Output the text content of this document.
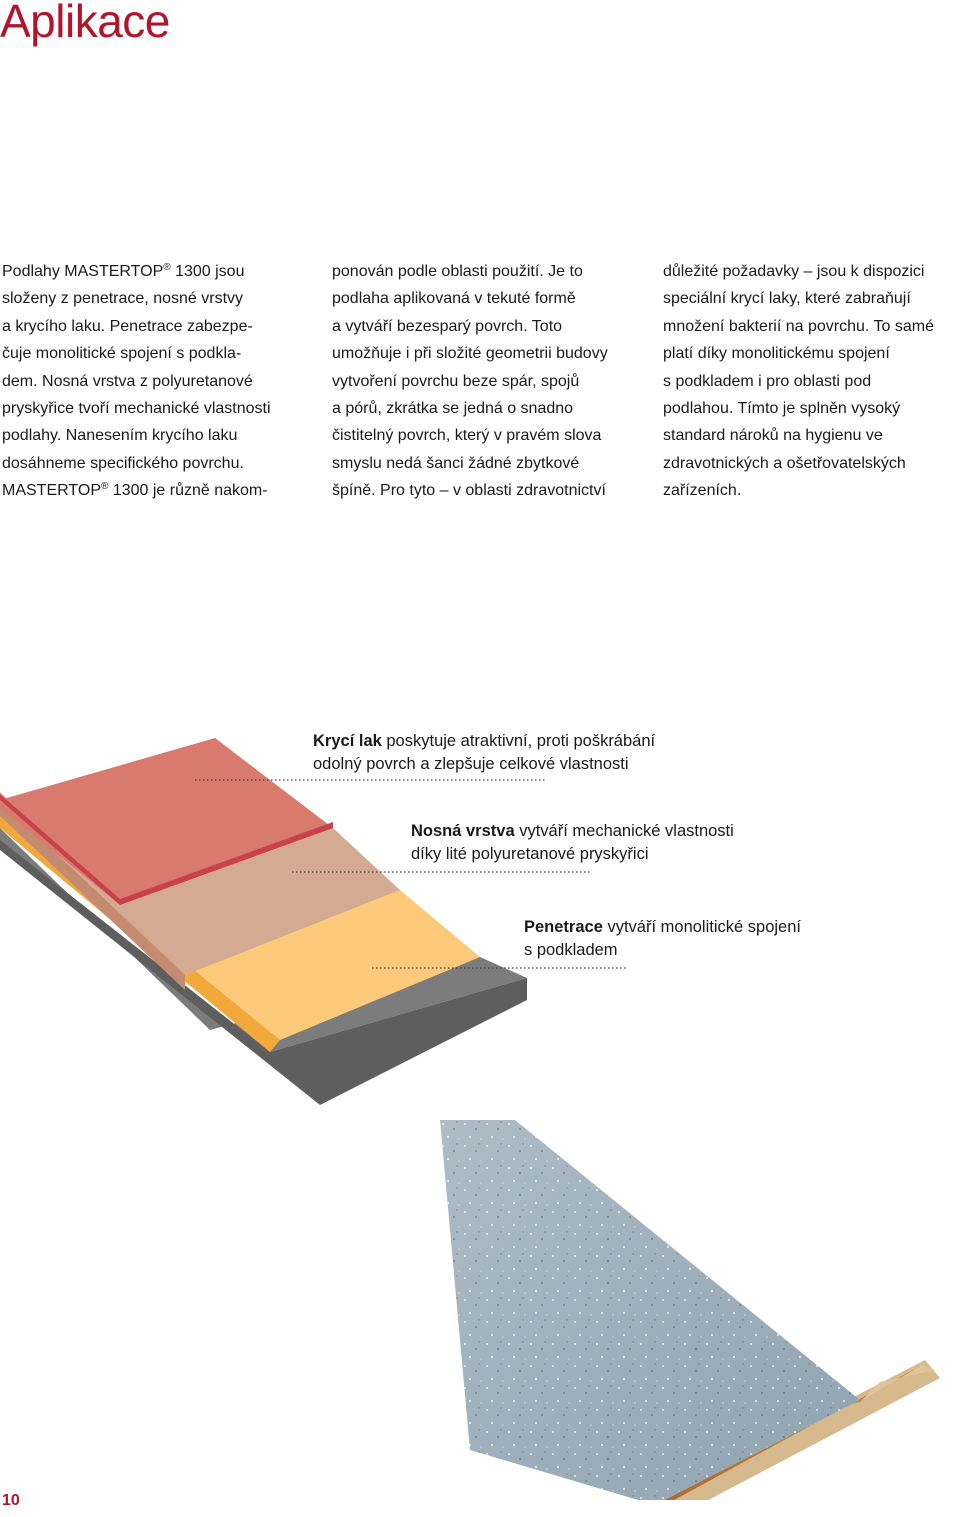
Aplikace
Podlahy MASTERTOP® 1300 jsou
složeny z penetrace, nosné vrstvy
a krycího laku. Penetrace zabezpe-
čuje monolitické spojení s podkla-
dem. Nosná vrstva z polyuretanové
pryskyřice tvoří mechanické vlastnosti
podlahy. Nanesením krycího laku
dosáhneme specifického povrchu.
MASTERTOP® 1300 je různě nakom-
ponován podle oblasti použití. Je to
podlaha aplikovaná v tekuté formě
a vytváří bezesparý povrch. Toto
umožňuje i při složité geometrii budovy
vytvoření povrchu beze spár, spojů
a pórů, zkrátka se jedná o snadno
čistitelný povrch, který v pravém slova
smyslu nedá šanci žádné zbytkové
špíně. Pro tyto – v oblasti zdravotnictví
důležité požadavky – jsou k dispozici
speciální krycí laky, které zabraňují
množení bakterií na povrchu. To samé
platí díky monolitickému spojení
s podkladem i pro oblasti pod
podlahou. Tímto je splněn vysoký
standard nároků na hygienu ve
zdravotnických a ošetřovatelských
zařízeních.
Krycí lak poskytuje atraktivní, proti poškrábání
odolný povrch a zlepšuje celkové vlastnosti
Nosná vrstva vytváří mechanické vlastnosti
díky lité polyuretanové pryskyřici
Penetrace vytváří monolitické spojení
s podkladem
10
